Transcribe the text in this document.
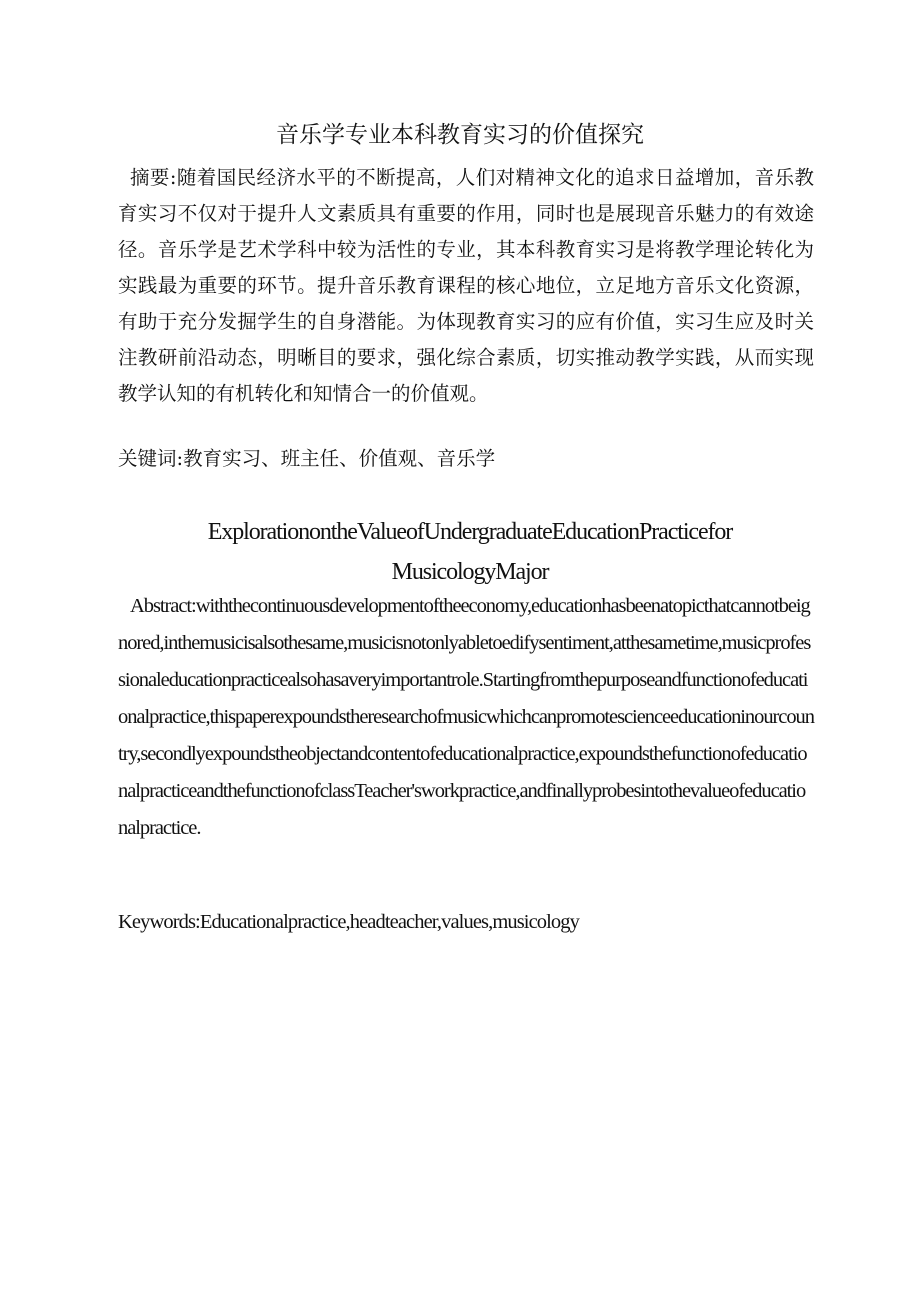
音乐学专业本科教育实习的价值探究

摘要:随着国民经济水平的不断提高，人们对精神文化的追求日益增加，音乐教育实习不仅对于提升人文素质具有重要的作用，同时也是展现音乐魅力的有效途径。音乐学是艺术学科中较为活性的专业，其本科教育实习是将教学理论转化为实践最为重要的环节。提升音乐教育课程的核心地位，立足地方音乐文化资源，有助于充分发掘学生的自身潜能。为体现教育实习的应有价值，实习生应及时关注教研前沿动态，明晰目的要求，强化综合素质，切实推动教学实践，从而实现教学认知的有机转化和知情合一的价值观。

关键词:教育实习、班主任、价值观、音乐学

ExplorationontheValueofUndergraduateEducationPracticefor
MusicologyMajor

Abstract:withthecontinuousdevelopmentoftheeconomy,educationhasbeenatopicthatcannotbeignored,inthemusicisalsothesame,musicisnotonlyabletoedifysentiment,atthesametime,musicprofessionaleducationpracticealsohasaveryimportantrole.Startingfromthepurposeandfunctionofeducationalpractice,thispaperexpoundstheresearchofmusicwhichcanpromotescienceeducationinourcountry,secondlyexpoundstheobjectandcontentofeducationalpractice,expoundsthefunctionofeducationalpracticeandthefunctionofclassTeacher'sworkpractice,andfinallyprobesintothevalueofeducationalpractice.

Keywords:Educationalpractice,headteacher,values,musicology
